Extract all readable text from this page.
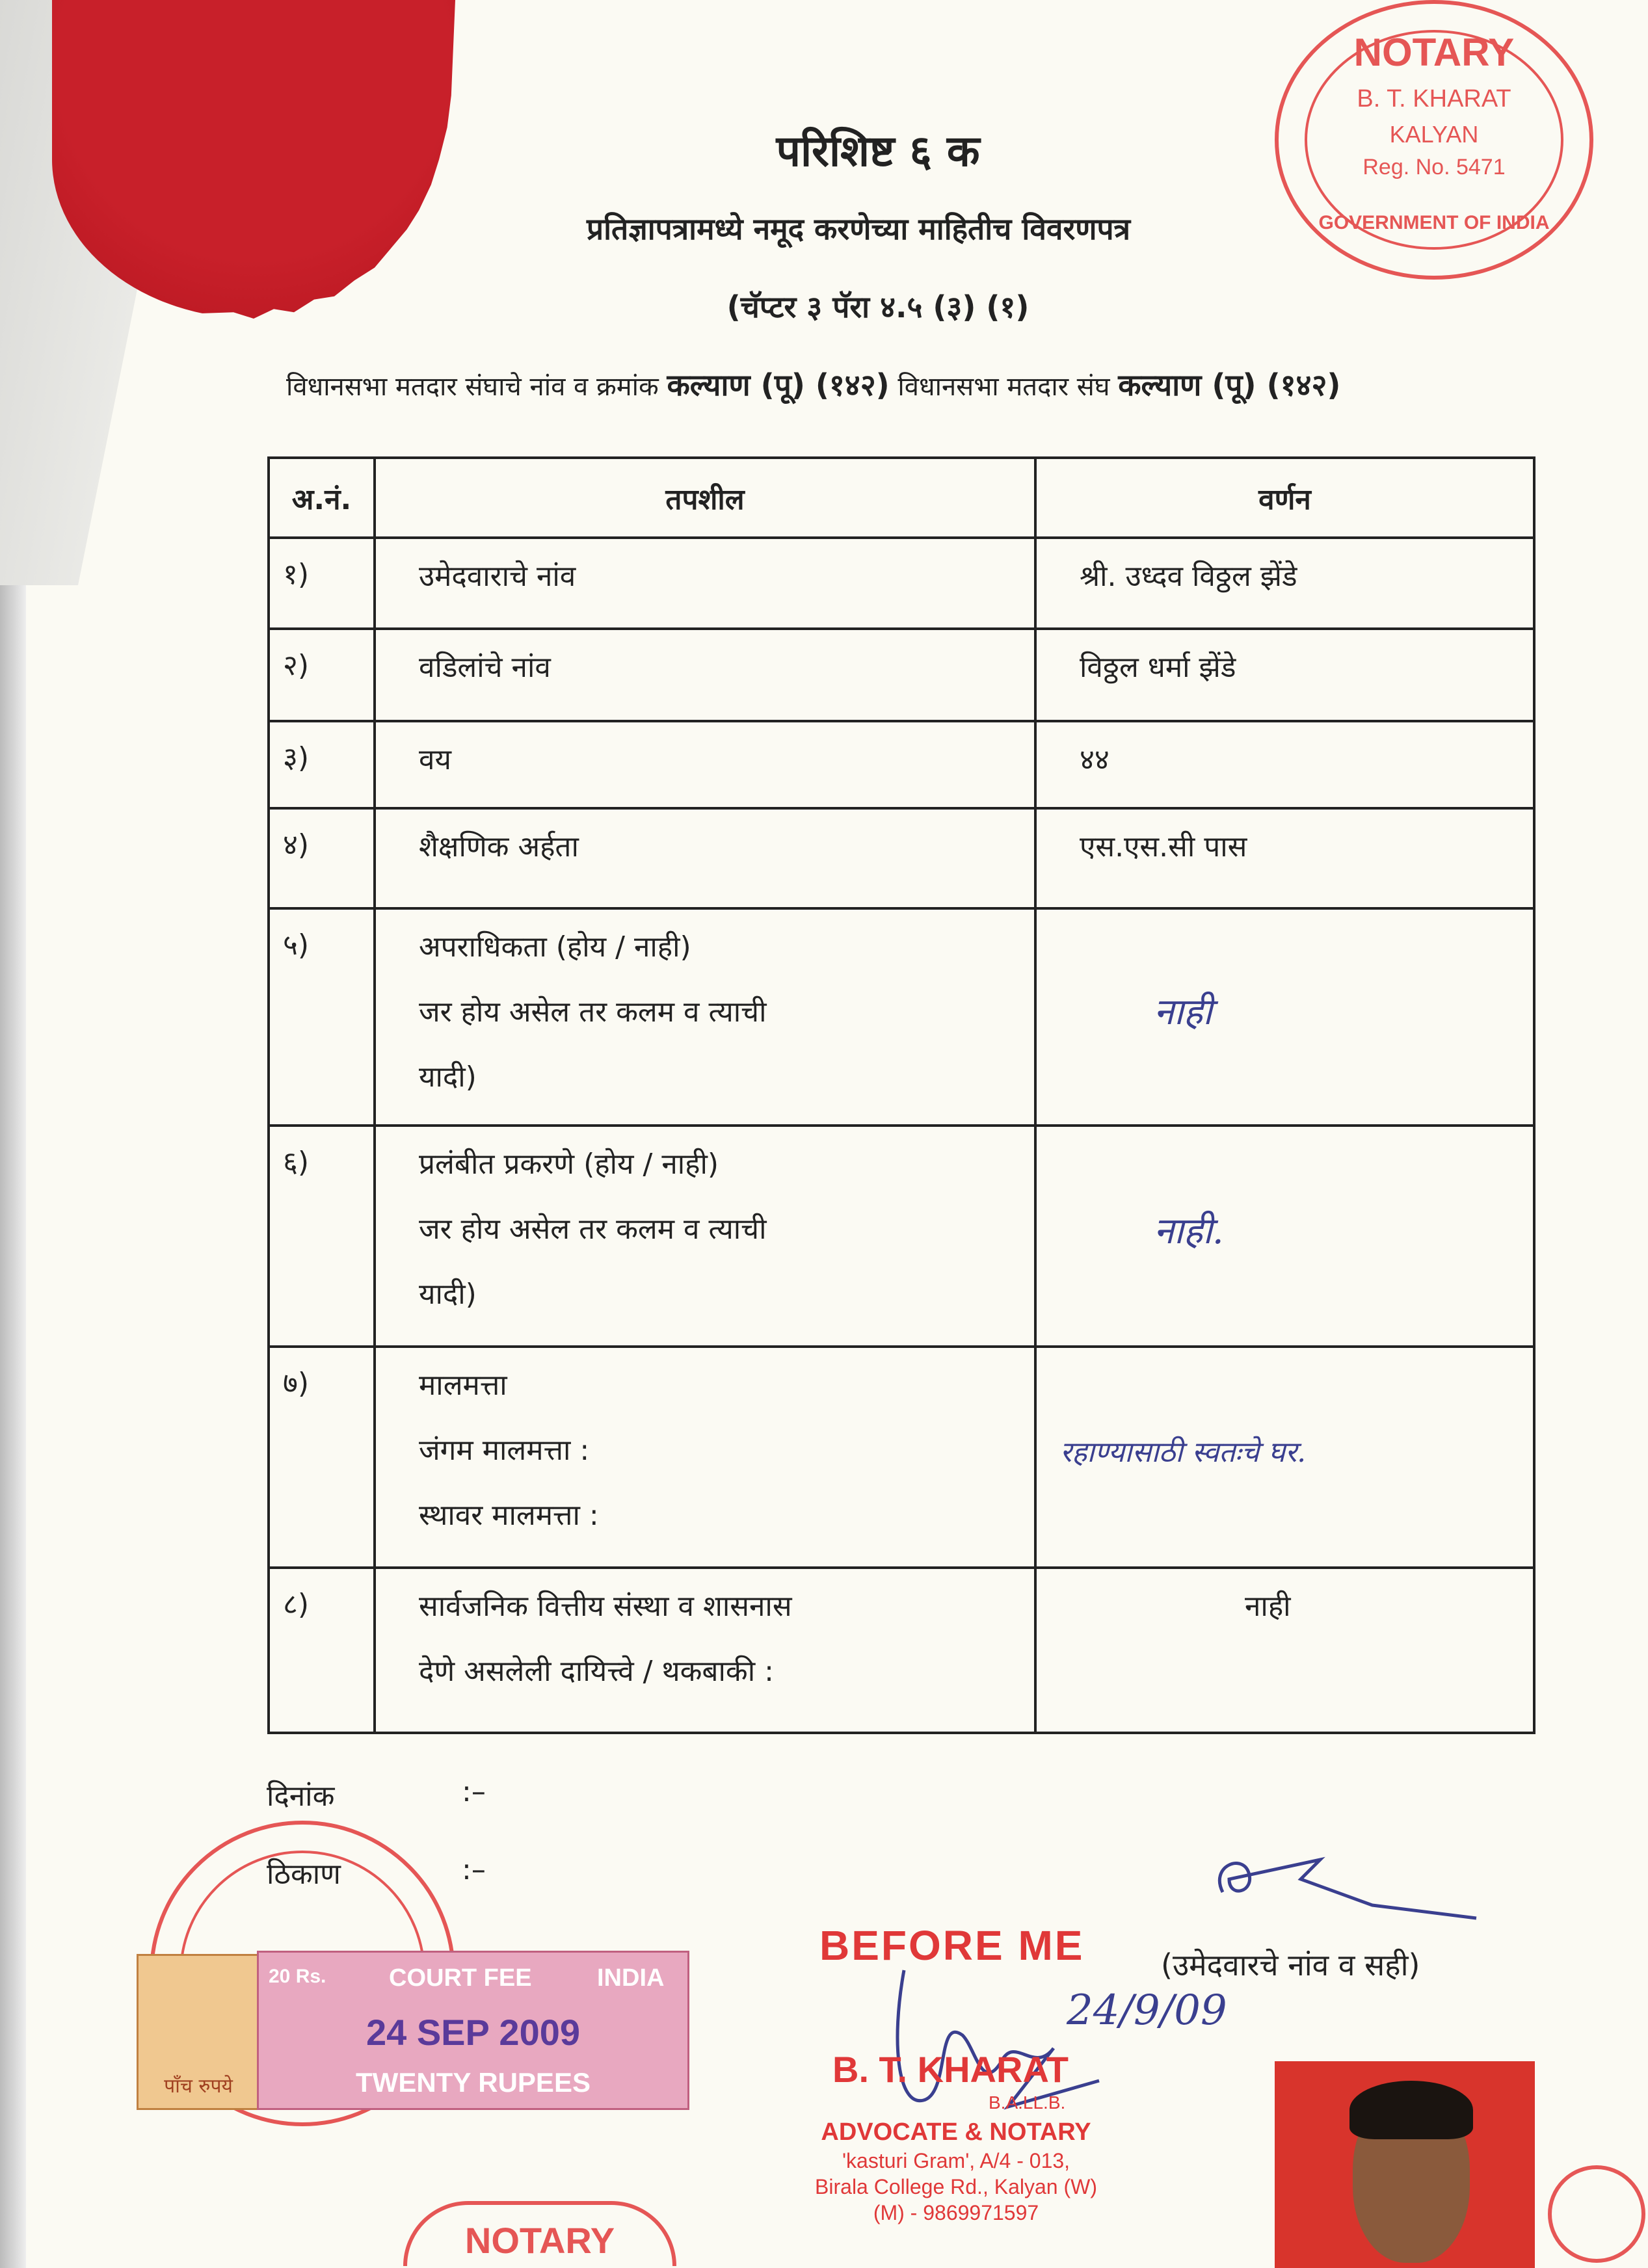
NOTARY
B. T. KHARAT
KALYAN
Reg. No. 5471
GOVERNMENT OF INDIA
परिशिष्ट ६ क
प्रतिज्ञापत्रामध्ये नमूद करणेच्या माहितीच विवरणपत्र
(चॅप्टर ३ पॅरा ४.५ (३) (१)
विधानसभा मतदार संघाचे नांव व क्रमांक कल्याण (पू) (१४२) विधानसभा मतदार संघ कल्याण (पू) (१४२)
अ.नं.	तपशील	वर्णन
१)	उमेदवाराचे नांव	श्री. उध्दव विठ्ठल झेंडे
२)	वडिलांचे नांव	विठ्ठल धर्मा झेंडे
३)	वय	४४
४)	शैक्षणिक अर्हता	एस.एस.सी पास
५)	अपराधिकता (होय / नाही)
जर होय असेल तर कलम व त्याची
यादी)	नाही
६)	प्रलंबीत प्रकरणे (होय / नाही)
जर होय असेल तर कलम व त्याची
यादी)	नाही.
७)	मालमत्ता
जंगम मालमत्ता :
स्थावर मालमत्ता :	रहाण्यासाठी स्वतःचे घर.
८)	सार्वजनिक वित्तीय संस्था व शासनास
देणे असलेली दायित्त्वे / थकबाकी :	नाही
दिनांक	:–
ठिकाण	:–
(उमेदवारचे नांव व सही)
BEFORE ME
24/9/09
B. T. KHARAT
B.A.LL.B.
ADVOCATE & NOTARY
'kasturi Gram', A/4 - 013,
Birala College Rd., Kalyan (W)
(M) - 9869971597
पाँच रुपये
20 Rs.	COURT FEE	INDIA
24 SEP 2009
TWENTY RUPEES
NOTARY
